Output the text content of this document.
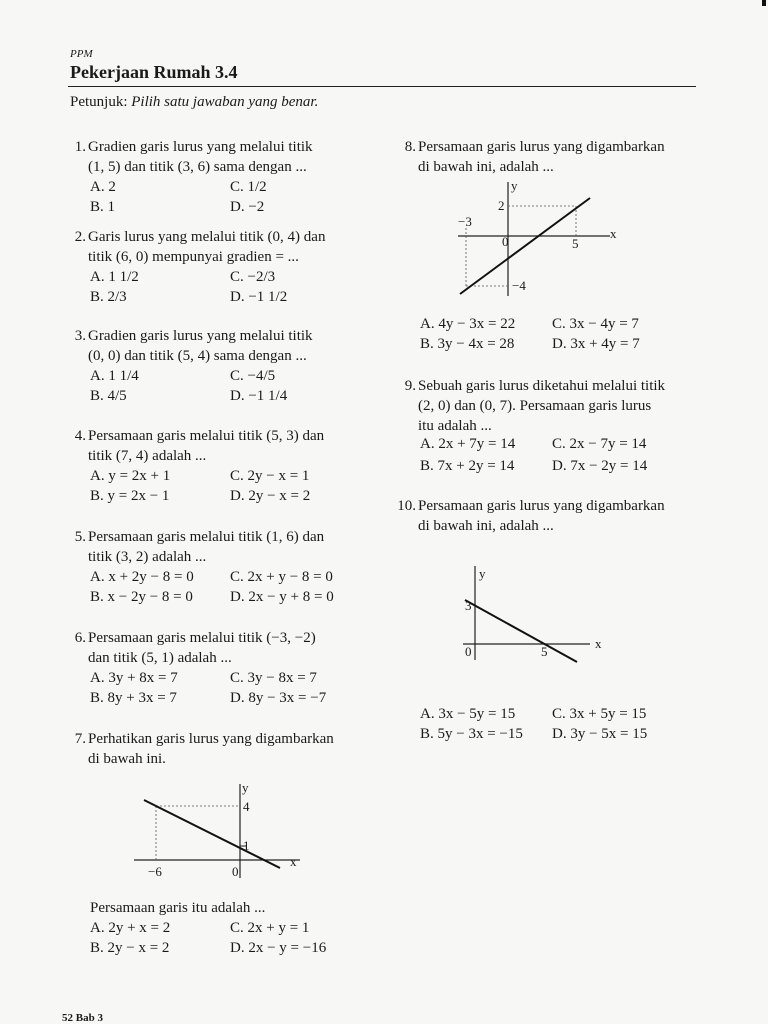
PPM
Pekerjaan Rumah 3.4
Petunjuk: Pilih satu jawaban yang benar.
1. Gradien garis lurus yang melalui titik
(1, 5) dan titik (3, 6) sama dengan ...
A. 2	C. 1/2
B. 1	D. −2
2. Garis lurus yang melalui titik (0, 4) dan
titik (6, 0) mempunyai gradien = ...
A. 1 1/2	C. −2/3
B. 2/3	D. −1 1/2
3. Gradien garis lurus yang melalui titik
(0, 0) dan titik (5, 4) sama dengan ...
A. 1 1/4	C. −4/5
B. 4/5	D. −1 1/4
4. Persamaan garis melalui titik (5, 3) dan
titik (7, 4) adalah ...
A. y = 2x + 1	C. 2y − x = 1
B. y = 2x − 1	D. 2y − x = 2
5. Persamaan garis melalui titik (1, 6) dan
titik (3, 2) adalah ...
A. x + 2y − 8 = 0 C. 2x + y − 8 = 0
B. x − 2y − 8 = 0 D. 2x − y + 8 = 0
6. Persamaan garis melalui titik (−3, −2)
dan titik (5, 1) adalah ...
A. 3y + 8x = 7	C. 3y − 8x = 7
B. 8y + 3x = 7	D. 8y − 3x = −7
7. Perhatikan garis lurus yang digambarkan
di bawah ini.
y
x
4
1
−6	0
Persamaan garis itu adalah ...
A. 2y + x = 2	C. 2x + y = 1
B. 2y − x = 2	D. 2x − y = −16
8. Persamaan garis lurus yang digambarkan
di bawah ini, adalah ...
y
x
2
−3
0	5
−4
A. 4y − 3x = 22 C. 3x − 4y = 7
B. 3y − 4x = 28	D. 3x + 4y = 7
9. Sebuah garis lurus diketahui melalui titik
(2, 0) dan (0, 7). Persamaan garis lurus
itu adalah ...
A. 2x + 7y = 14 C. 2x − 7y = 14
B. 7x + 2y = 14	D. 7x − 2y = 14
10. Persamaan garis lurus yang digambarkan
di bawah ini, adalah ...
y
x
3
0	5
A. 3x − 5y = 15 C. 3x + 5y = 15
B. 5y − 3x = −15 D. 3y − 5x = 15
52 Bab 3
